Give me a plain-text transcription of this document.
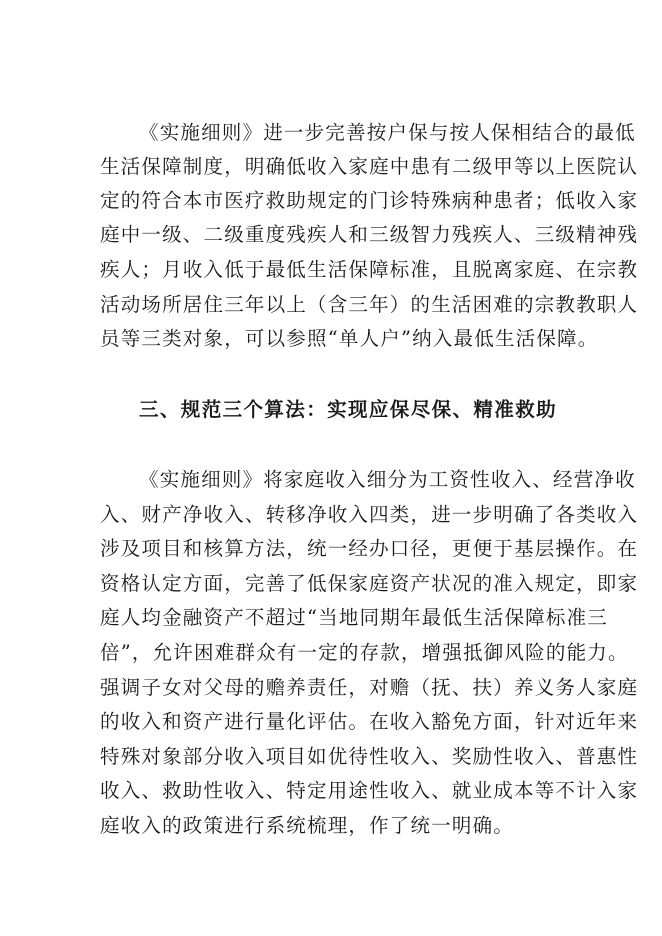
《实施细则》进一步完善按户保与按人保相结合的最低
生活保障制度，明确低收入家庭中患有二级甲等以上医院认
定的符合本市医疗救助规定的门诊特殊病种患者；低收入家
庭中一级、二级重度残疾人和三级智力残疾人、三级精神残
疾人；月收入低于最低生活保障标准，且脱离家庭、在宗教
活动场所居住三年以上（含三年）的生活困难的宗教教职人
员等三类对象，可以参照“单人户”纳入最低生活保障。
三、规范三个算法：实现应保尽保、精准救助
《实施细则》将家庭收入细分为工资性收入、经营净收
入、财产净收入、转移净收入四类，进一步明确了各类收入
涉及项目和核算方法，统一经办口径，更便于基层操作。在
资格认定方面，完善了低保家庭资产状况的准入规定，即家
庭人均金融资产不超过“当地同期年最低生活保障标准三
倍”，允许困难群众有一定的存款，增强抵御风险的能力。
强调子女对父母的赡养责任，对赡（抚、扶）养义务人家庭
的收入和资产进行量化评估。在收入豁免方面，针对近年来
特殊对象部分收入项目如优待性收入、奖励性收入、普惠性
收入、救助性收入、特定用途性收入、就业成本等不计入家
庭收入的政策进行系统梳理，作了统一明确。
